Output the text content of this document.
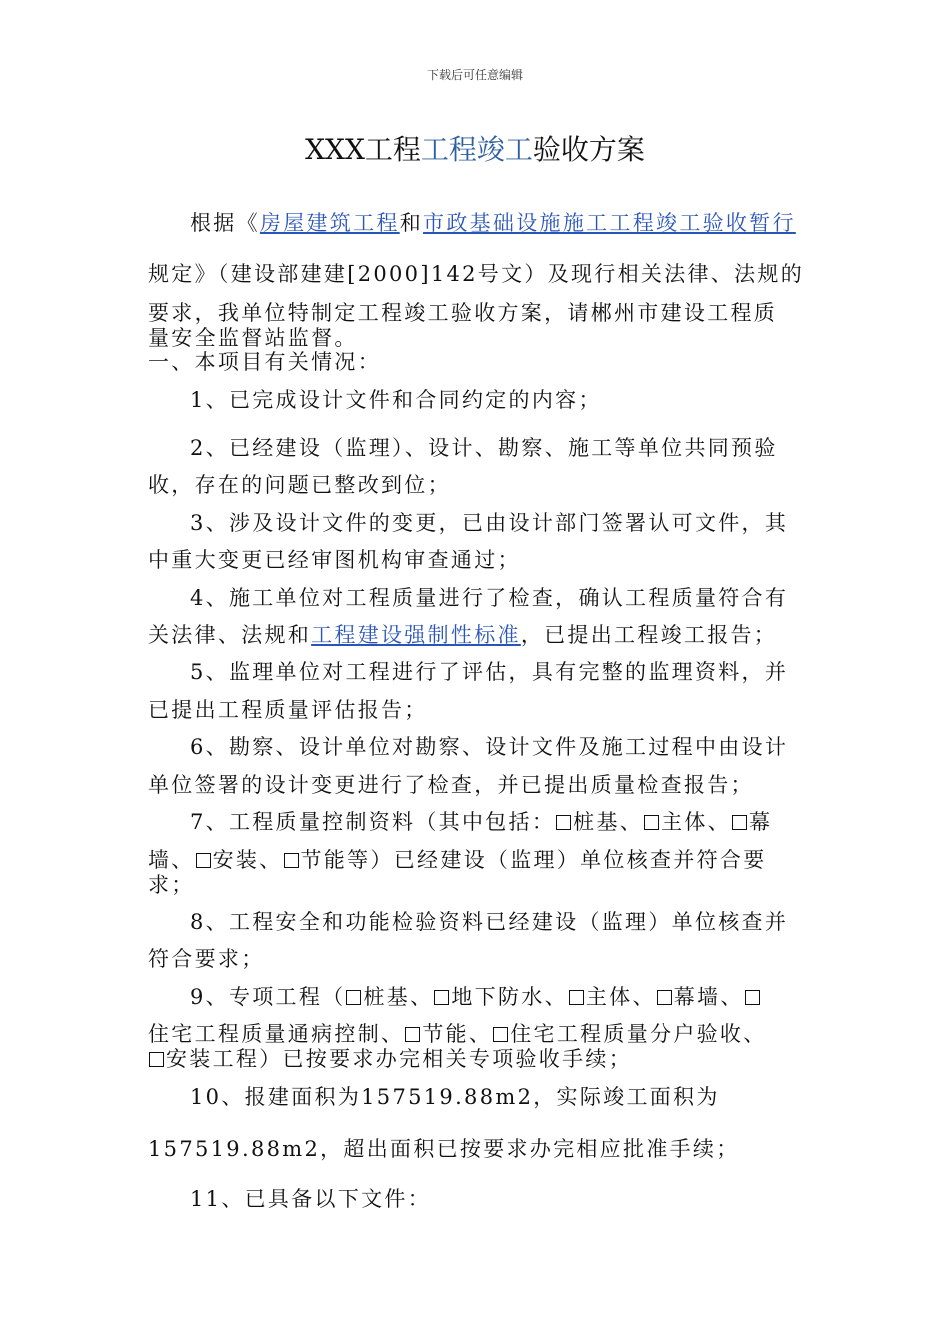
下载后可任意编辑
XXX工程工程竣工验收方案
根据《房屋建筑工程和市政基础设施施工工程竣工验收暂行
规定》（建设部建建[2000]142号文）及现行相关法律、法规的
要求，我单位特制定工程竣工验收方案，请郴州市建设工程质
量安全监督站监督。
一、本项目有关情况：
1、已完成设计文件和合同约定的内容；
2、已经建设（监理）、设计、勘察、施工等单位共同预验
收，存在的问题已整改到位；
3、涉及设计文件的变更，已由设计部门签署认可文件，其
中重大变更已经审图机构审查通过；
4、施工单位对工程质量进行了检查，确认工程质量符合有
关法律、法规和工程建设强制性标准，已提出工程竣工报告；
5、监理单位对工程进行了评估，具有完整的监理资料，并
已提出工程质量评估报告；
6、勘察、设计单位对勘察、设计文件及施工过程中由设计
单位签署的设计变更进行了检查，并已提出质量检查报告；
7、工程质量控制资料（其中包括： 桩基、 主体、 幕
墙、 安装、 节能等）已经建设（监理）单位核查并符合要
求；
8、工程安全和功能检验资料已经建设（监理）单位核查并
符合要求；
9、专项工程（ 桩基、 地下防水、 主体、 幕墙、
住宅工程质量通病控制、 节能、 住宅工程质量分户验收、
安装工程）已按要求办完相关专项验收手续；
10、报建面积为157519.88m2，实际竣工面积为
157519.88m2，超出面积已按要求办完相应批准手续；
11、已具备以下文件：
